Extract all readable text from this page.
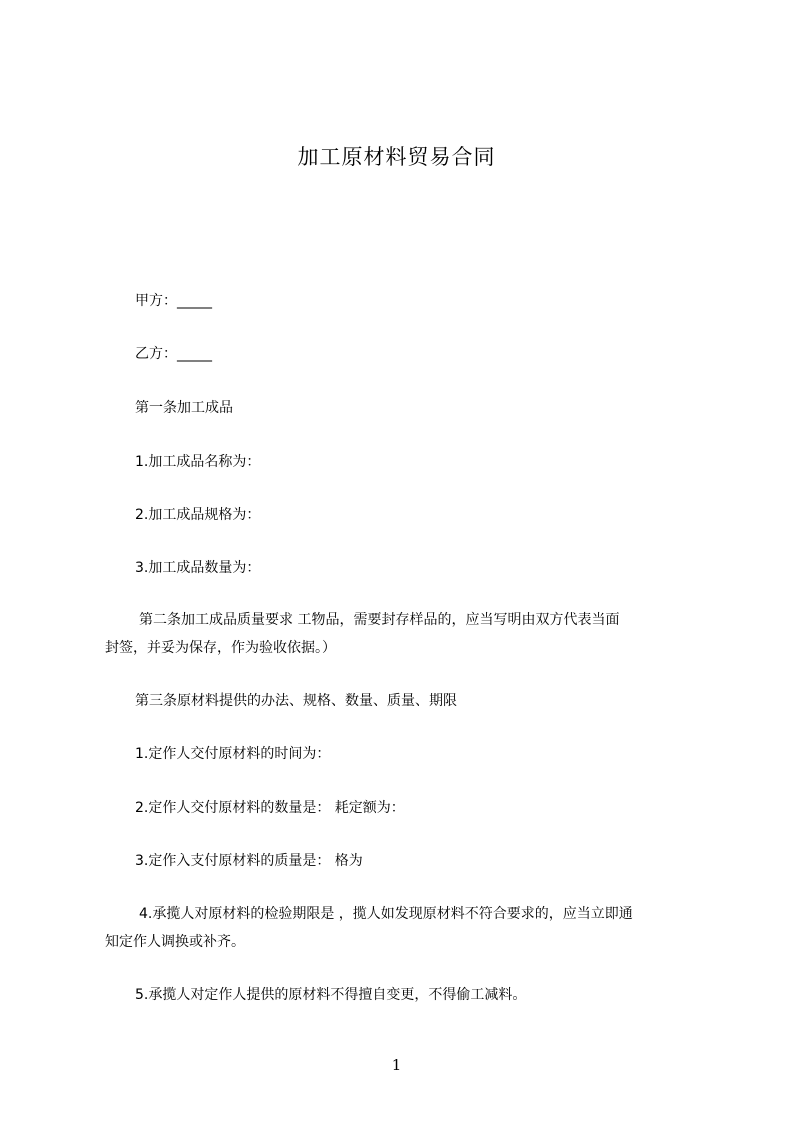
加工原材料贸易合同
甲方：_____
乙方：_____
第一条加工成品
1.加工成品名称为：
2.加工成品规格为：
3.加工成品数量为：
第二条加工成品质量要求 工物品，需要封存样品的，应当写明由双方代表当面
封签，并妥为保存，作为验收依据。）
第三条原材料提供的办法、规格、数量、质量、期限
1.定作人交付原材料的时间为：
2.定作人交付原材料的数量是： 耗定额为：
3.定作入支付原材料的质量是： 格为
4.承揽人对原材料的检验期限是 ，揽人如发现原材料不符合要求的，应当立即通
知定作人调换或补齐。
5.承揽人对定作人提供的原材料不得擅自变更，不得偷工减料。
1
